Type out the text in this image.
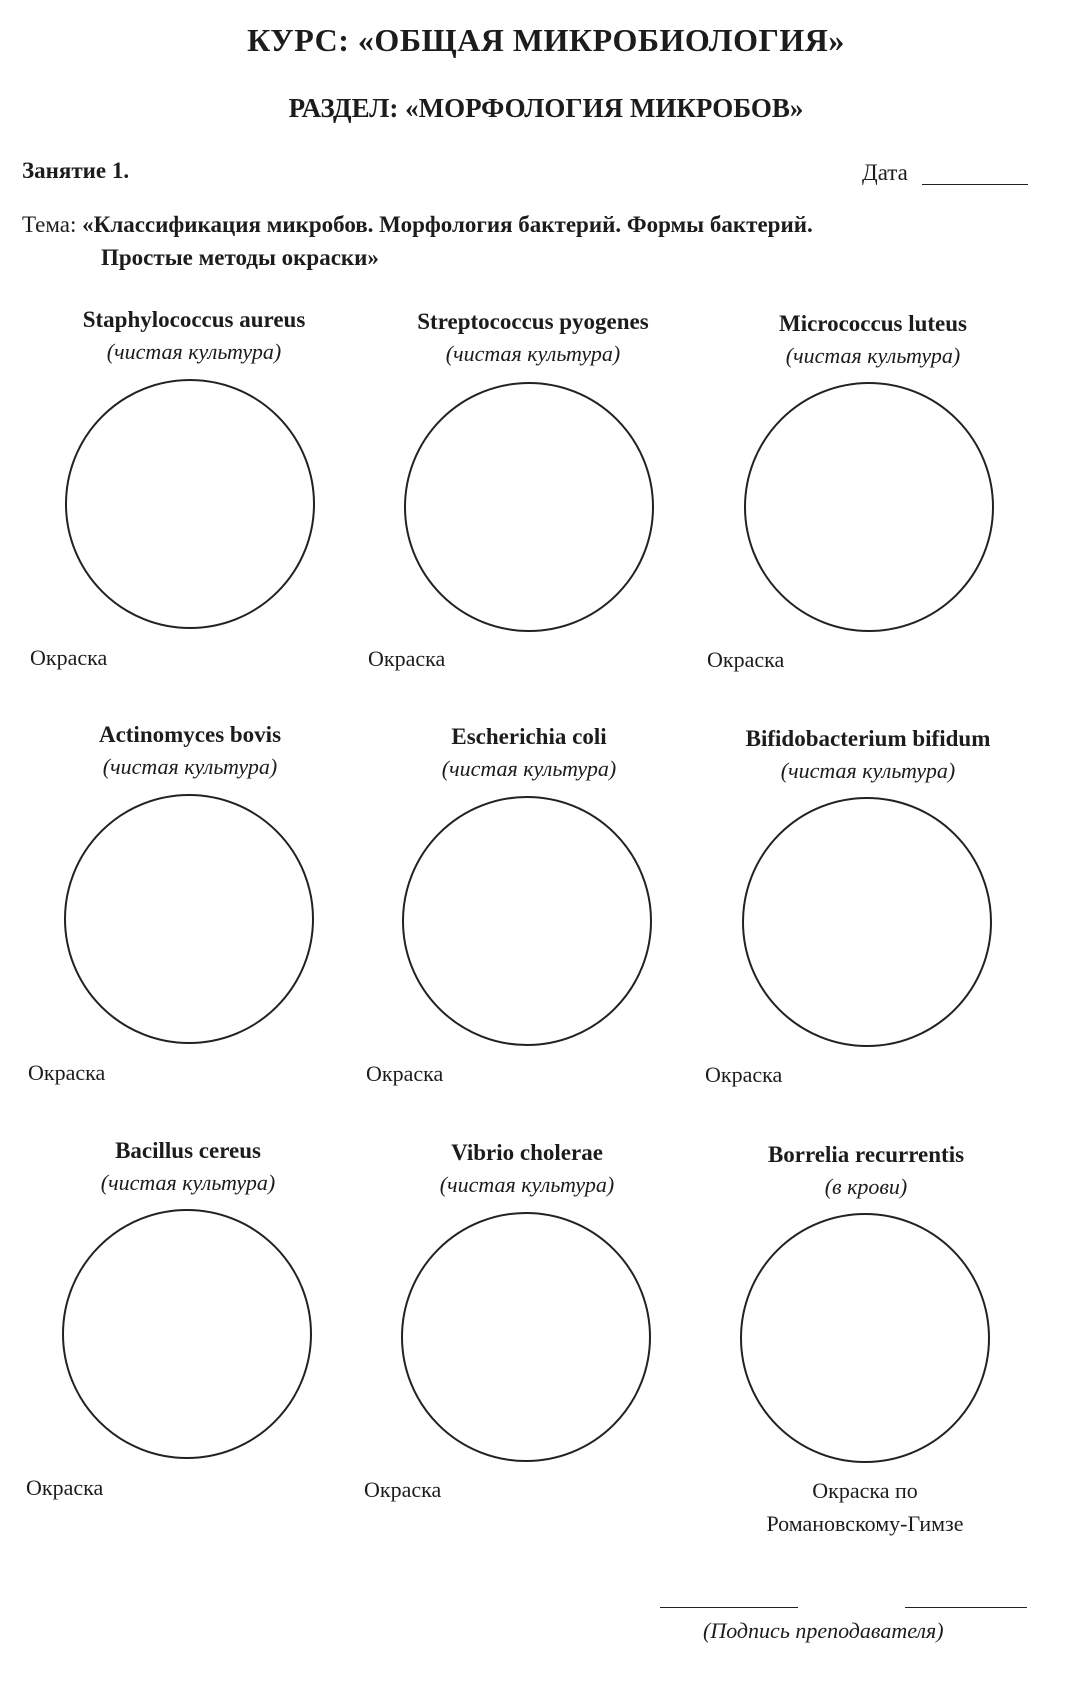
КУРС: «ОБЩАЯ МИКРОБИОЛОГИЯ»
РАЗДЕЛ: «МОРФОЛОГИЯ МИКРОБОВ»
Занятие 1.	Дата
Тема: «Классификация микробов. Морфология бактерий. Формы бактерий.
Простые методы окраски»
Staphylococcus aureus
(чистая культура)
Окраска
Streptococcus pyogenes
(чистая культура)
Окраска
Micrococcus luteus
(чистая культура)
Окраска
Actinomyces bovis
(чистая культура)
Окраска
Escherichia coli
(чистая культура)
Окраска
Bifidobacterium bifidum
(чистая культура)
Окраска
Bacillus cereus
(чистая культура)
Окраска
Vibrio cholerae
(чистая культура)
Окраска
Borrelia recurrentis
(в крови)
Окраска по
Романовскому-Гимзе
(Подпись преподавателя)
